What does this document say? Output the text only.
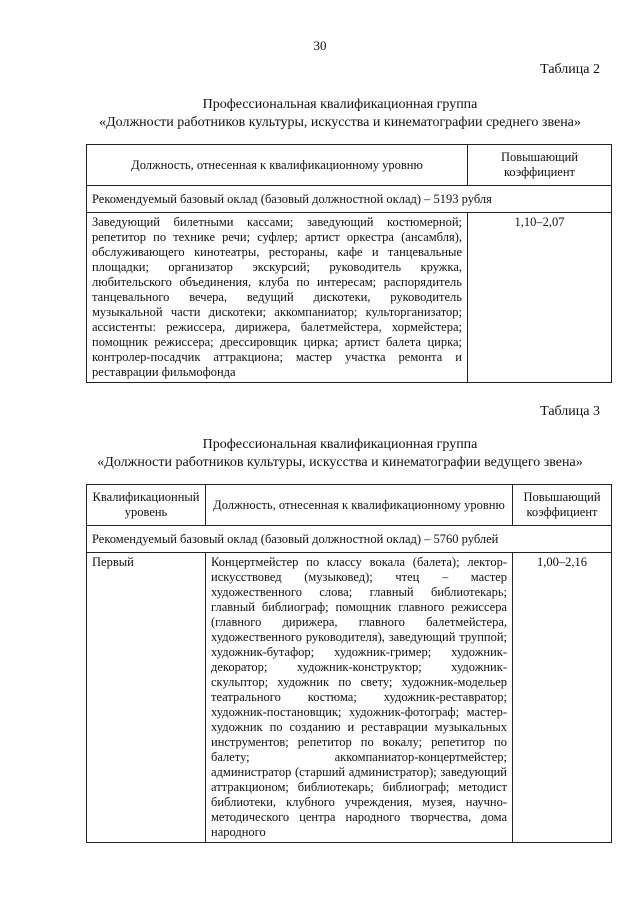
30
Таблица 2
Профессиональная квалификационная группа
«Должности работников культуры, искусства и кинематографии среднего звена»
Должность, отнесенная к квалификационному уровню	Повышающий коэффициент
Рекомендуемый базовый оклад (базовый должностной оклад) – 5193 рубля	
Заведующий билетными кассами; заведующий костюмерной; репетитор по технике речи; суфлер; артист оркестра (ансамбля), обслуживающего кинотеатры, рестораны, кафе и танцевальные площадки; организатор экскурсий; руководитель кружка, любительского объединения, клуба по интересам; распорядитель танцевального вечера, ведущий дискотеки, руководитель музыкальной части дискотеки; аккомпаниатор; культорганизатор; ассистенты: режиссера, дирижера, балетмейстера, хормейстера; помощник режиссера; дрессировщик цирка; артист балета цирка; контролер-посадчик аттракциона; мастер участка ремонта и реставрации фильмофонда	1,10–2,07
Таблица 3
Профессиональная квалификационная группа
«Должности работников культуры, искусства и кинематографии ведущего звена»
Квалификационный уровень	Должность, отнесенная к квалификационному уровню	Повышающий коэффициент
Рекомендуемый базовый оклад (базовый должностной оклад) – 5760 рублей		
Первый	Концертмейстер по классу вокала (балета); лектор-искусствовед (музыковед); чтец – мастер художественного слова; главный библиотекарь; главный библиограф; помощник главного режиссера (главного дирижера, главного балетмейстера, художественного руководителя), заведующий труппой; художник-бутафор; художник-гример; художник-декоратор; художник-конструктор; художник-скульптор; художник по свету; художник-модельер театрального костюма; художник-реставратор; художник-постановщик; художник-фотограф; мастер-художник по созданию и реставрации музыкальных инструментов; репетитор по вокалу; репетитор по балету; аккомпаниатор-концертмейстер; администратор (старший администратор); заведующий аттракционом; библиотекарь; библиограф; методист библиотеки, клубного учреждения, музея, научно-методического центра народного творчества, дома народного	1,00–2,16
